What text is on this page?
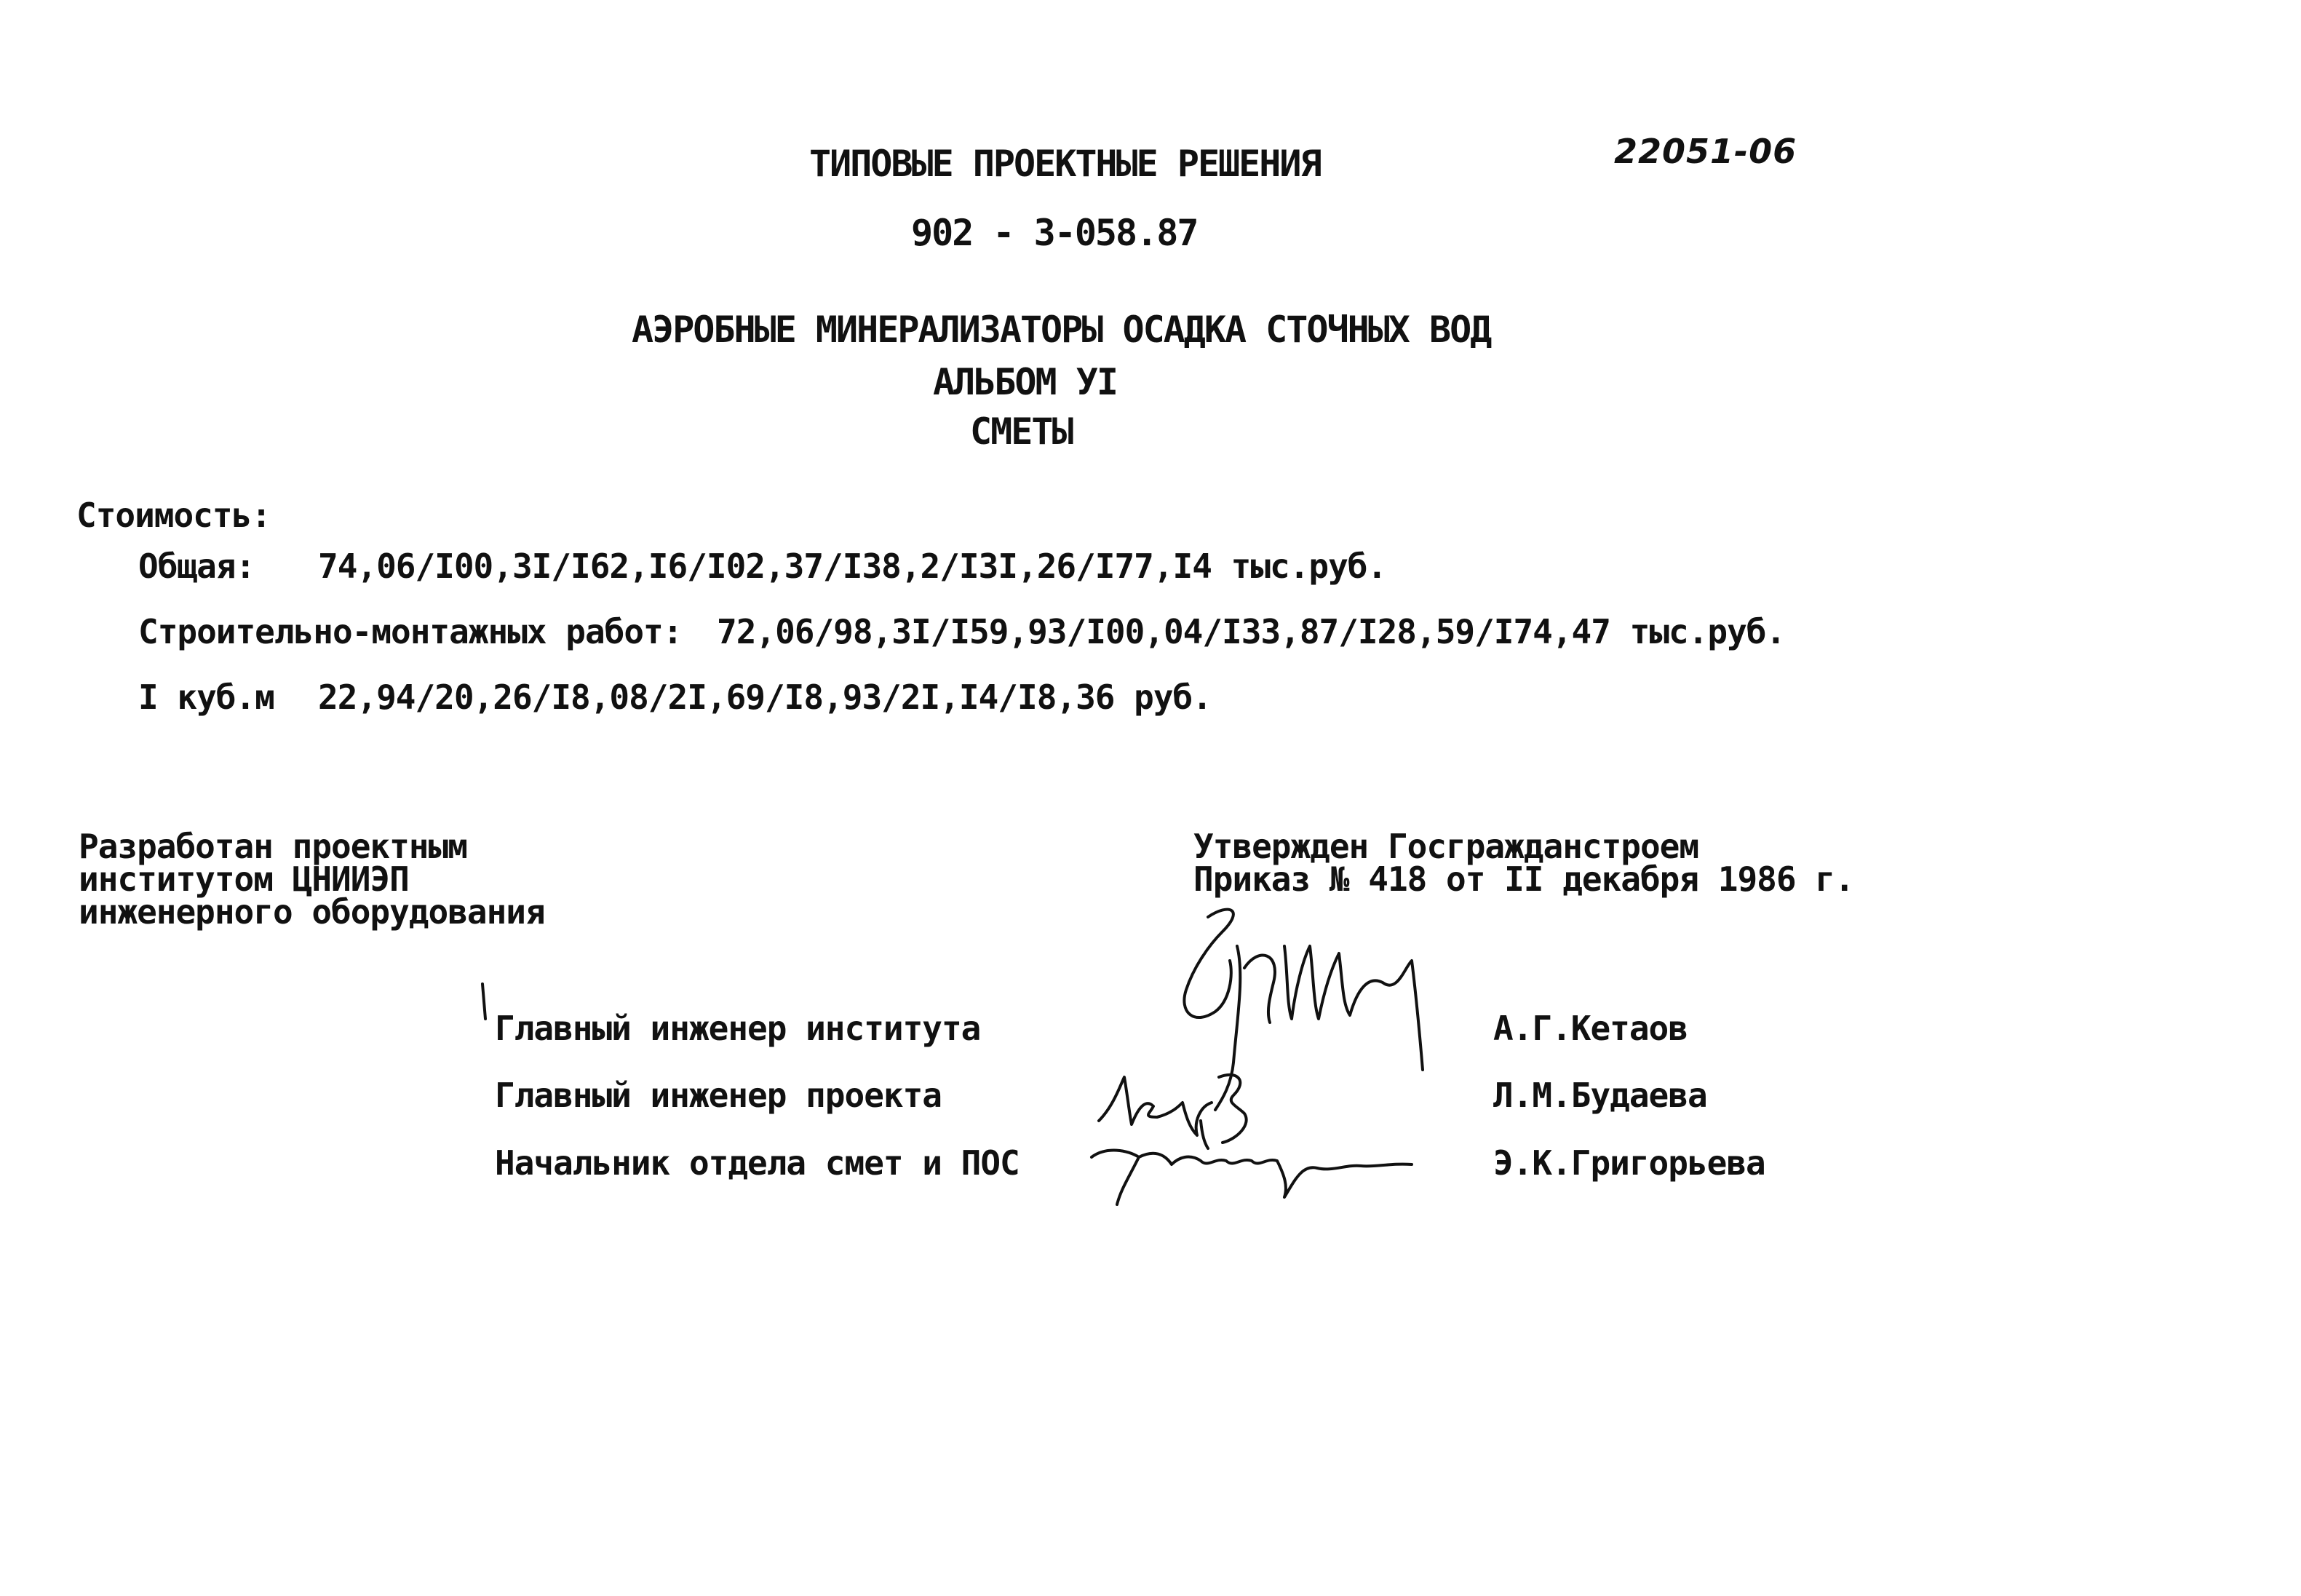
ТИПОВЫЕ ПРОЕКТНЫЕ РЕШЕНИЯ	22051-06
902 - 3-058.87
АЭРОБНЫЕ МИНЕРАЛИЗАТОРЫ ОСАДКА СТОЧНЫХ ВОД
АЛЬБОМ УI
СМЕТЫ
Стоимость:
Общая: 74,06/I00,3I/I62,I6/I02,37/I38,2/I3I,26/I77,I4 тыс.руб.
Строительно-монтажных работ: 72,06/98,3I/I59,93/I00,04/I33,87/I28,59/I74,47 тыс.руб.
I куб.м 22,94/20,26/I8,08/2I,69/I8,93/2I,I4/I8,36 руб.
Разработан проектным
институтом ЦНИИЭП
инженерного оборудования
Утвержден Госгражданстроем
Приказ № 418 от II декабря 1986 г.
Главный инженер института	А.Г.Кетаов
Главный инженер проекта	Л.М.Будаева
Начальник отдела смет и ПОС	Э.К.Григорьева
